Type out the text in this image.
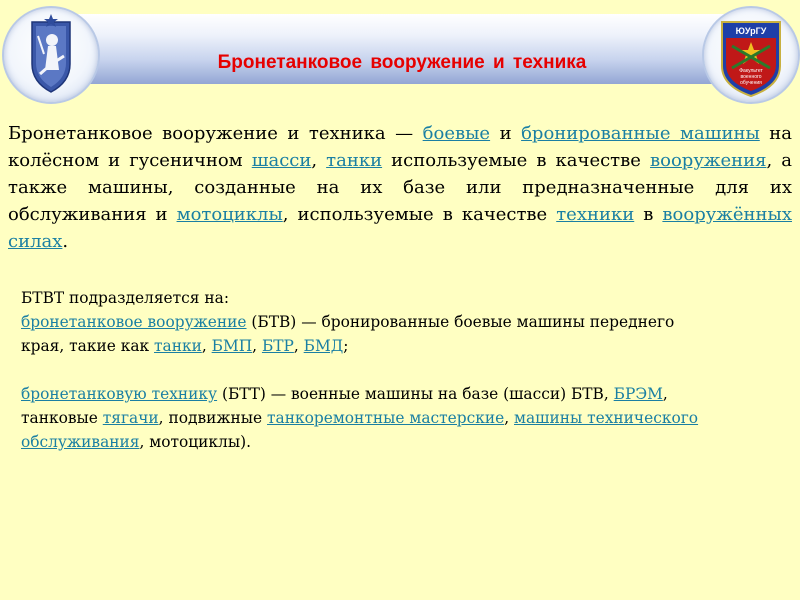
Бронетанковое вооружение и техника
ЮУрГУ
Факультет
военного
обучения
Бронетанковое вооружение и техника — боевые и бронированные машины на колёсном и гусеничном шасси, танки используемые в качестве вооружения, а также машины, созданные на их базе или предназначенные для их обслуживания и мотоциклы, используемые в качестве техники в вооружённых силах.
БТВТ подразделяется на:
бронетанковое вооружение (БТВ) — бронированные боевые машины переднего
края, такие как танки, БМП, БТР, БМД;
бронетанковую технику (БТТ) — военные машины на базе (шасси) БТВ, БРЭМ,
танковые тягачи, подвижные танкоремонтные мастерские, машины технического
обслуживания, мотоциклы).
